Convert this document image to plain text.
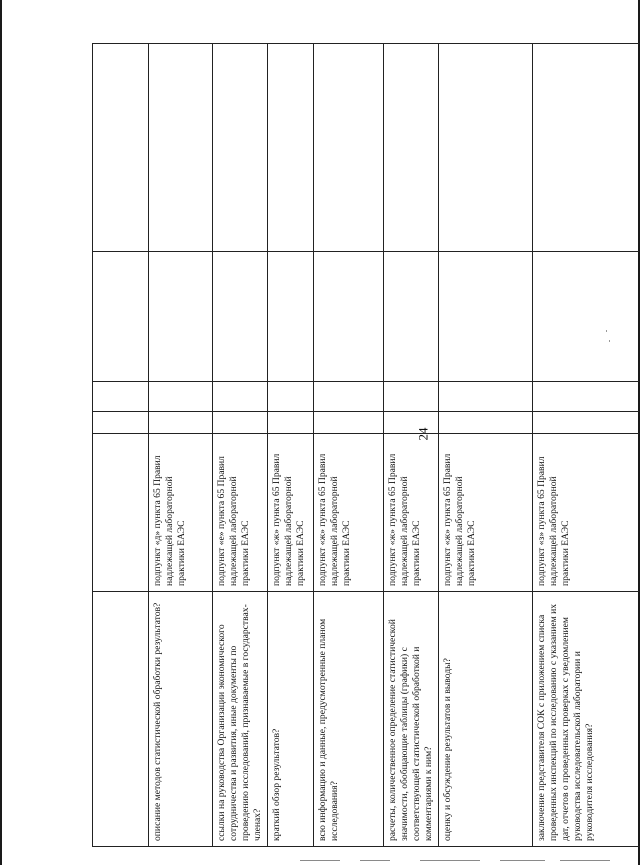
24

описание методов статистической обработки результатов?	подпункт «д» пункта 65 Правил надлежащей лабораторной практики ЕАЭС				
ссылки на руководства Организации экономического сотрудничества и развития, иные документы по проведению исследований, признаваемые в государствах-членах?	подпункт «е» пункта 65 Правил надлежащей лабораторной практики ЕАЭС				
краткий обзор результатов?	подпункт «ж» пункта 65 Правил надлежащей лабораторной практики ЕАЭС				
всю информацию и данные, предусмотренные планом исследования?	подпункт «ж» пункта 65 Правил надлежащей лабораторной практики ЕАЭС				
расчеты, количественное определение статистической значимости, обобщающие таблицы (графики) с соответствующей статистической обработкой и комментариями к ним?	подпункт «ж» пункта 65 Правил надлежащей лабораторной практики ЕАЭС				
оценку и обсуждение результатов и выводы?	подпункт «ж» пункта 65 Правил надлежащей лабораторной практики ЕАЭС				
заключение представителя СОК с приложением списка проведенных инспекций по исследованию с указанием их дат, отчетов о проведенных проверках с уведомлением руководства исследовательской лаборатории и руководителя исследования?	подпункт «з» пункта 65 Правил надлежащей лабораторной практики ЕАЭС				
